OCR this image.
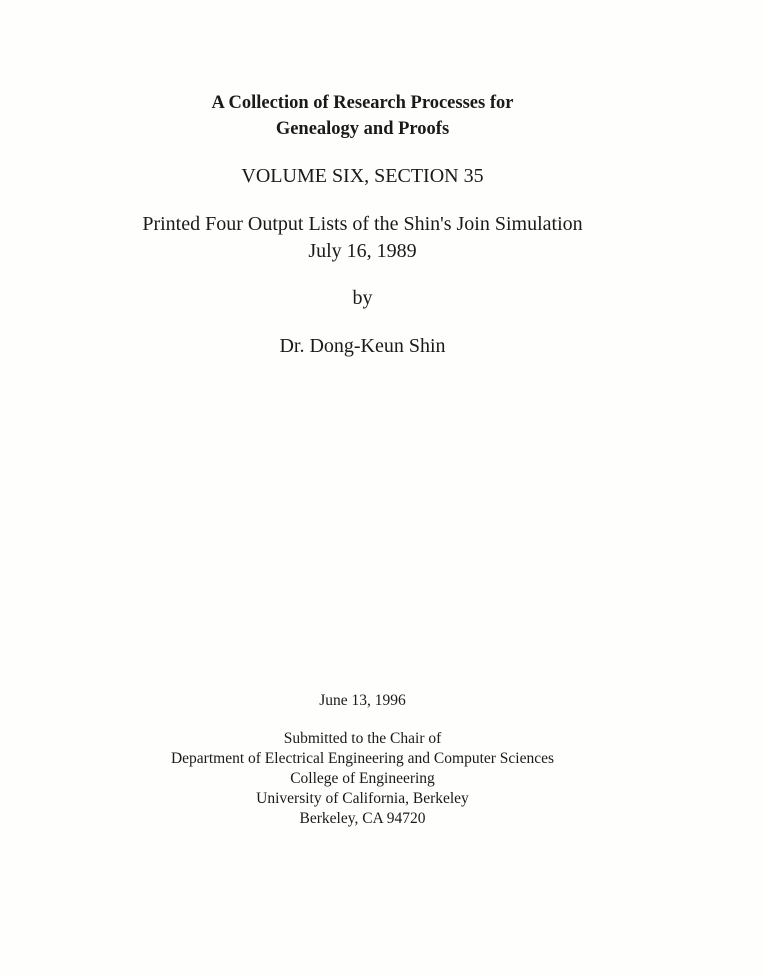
A Collection of Research Processes for
Genealogy and Proofs
VOLUME SIX, SECTION 35
Printed Four Output Lists of the Shin's Join Simulation
July 16, 1989
by
Dr. Dong-Keun Shin
June 13, 1996
Submitted to the Chair of
Department of Electrical Engineering and Computer Sciences
College of Engineering
University of California, Berkeley
Berkeley, CA 94720
